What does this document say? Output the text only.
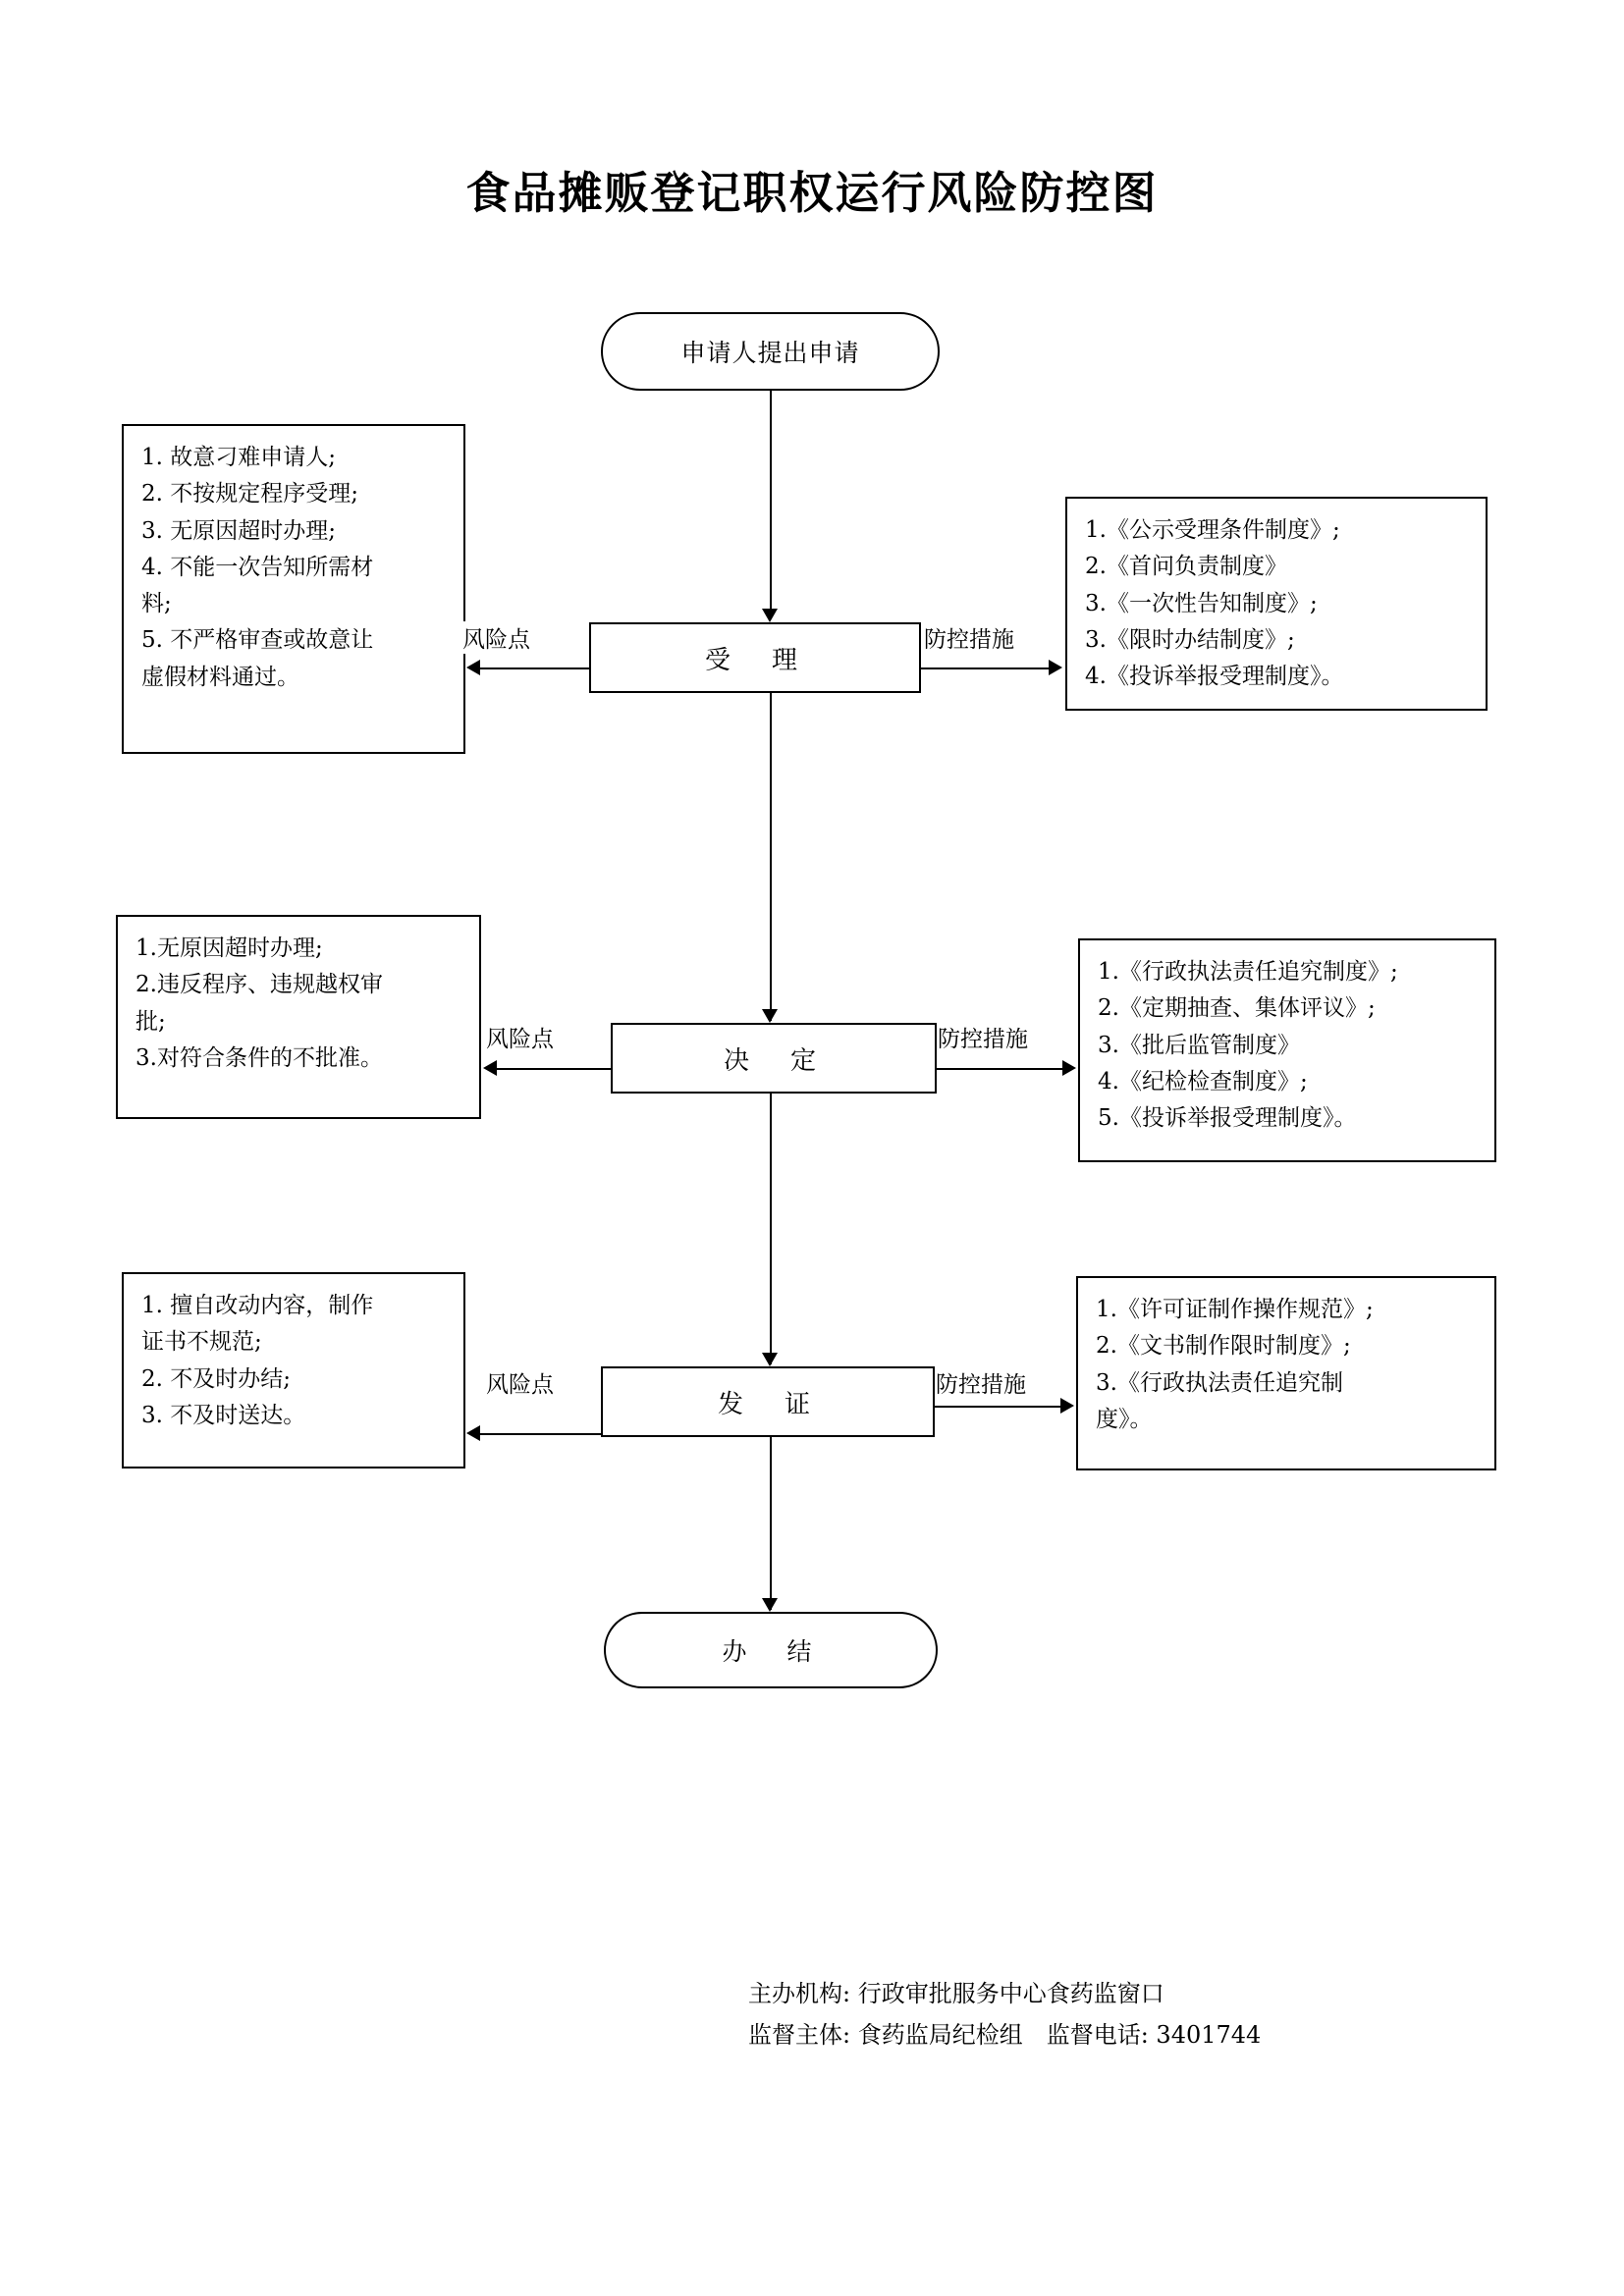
食品摊贩登记职权运行风险防控图
申请人提出申请
受　理
1. 故意刁难申请人;
2. 不按规定程序受理;
3. 无原因超时办理;
4. 不能一次告知所需材
料;
5. 不严格审查或故意让
虚假材料通过。
风险点
1.《公示受理条件制度》;
2.《首问负责制度》
3.《一次性告知制度》;
3.《限时办结制度》;
4.《投诉举报受理制度》。
防控措施
决　定
1.无原因超时办理;
2.违反程序、违规越权审
批;
3.对符合条件的不批准。
风险点
1.《行政执法责任追究制度》;
2.《定期抽查、集体评议》;
3.《批后监管制度》
4.《纪检检查制度》;
5.《投诉举报受理制度》。
防控措施
发　证
1. 擅自改动内容，制作
证书不规范;
2. 不及时办结;
3. 不及时送达。
风险点
1.《许可证制作操作规范》;
2.《文书制作限时制度》;
3.《行政执法责任追究制
度》。
防控措施
办　结
主办机构: 行政审批服务中心食药监窗口
监督主体: 食药监局纪检组　监督电话: 3401744
